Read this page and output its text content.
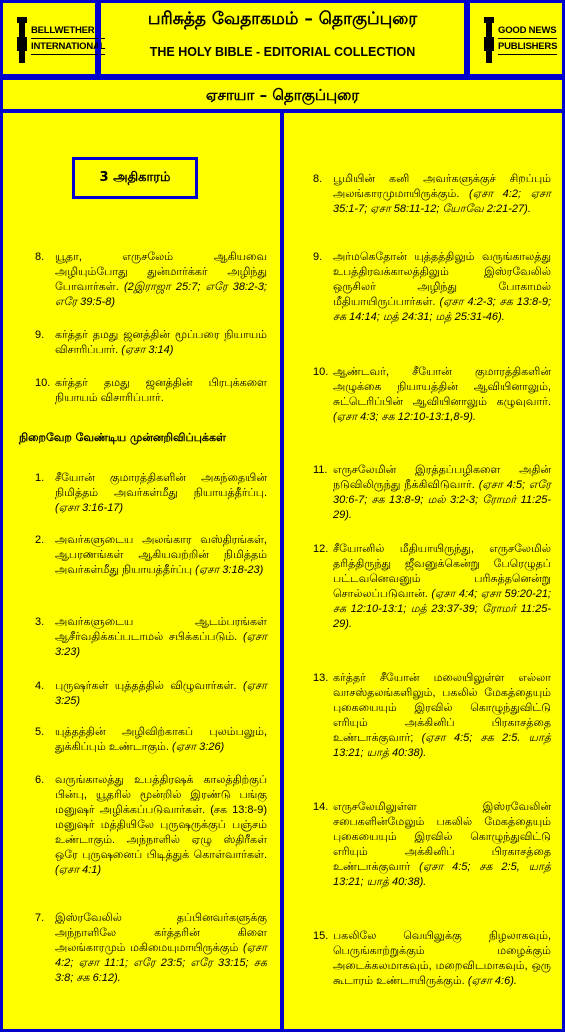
BELLWETHER
INTERNATIONAL
பரிசுத்த வேதாகமம் – தொகுப்புரை
THE HOLY BIBLE - EDITORIAL COLLECTION
GOOD NEWS
PUBLISHERS
ஏசாயா – தொகுப்புரை
3 அதிகாரம்
8. யூதா, எருசலேம் ஆகியவை அழியும்போது துன்மார்க்கர் அழிந்து போவார்கள். (2இராஜா 25:7; எரே 38:2-3; எரே 39:5-8)
9. கர்த்தர் தமது ஜனத்தின் மூப்பரை நியாயம் விசாரிப்பார். (ஏசா 3:14)
10. கர்த்தர் தமது ஜனத்தின் பிரபுக்களை நியாயம் விசாரிப்பார்.
நிறைவேற வேண்டிய முன்னறிவிப்புக்கள்
1. சீயோன் குமாரத்திகளின் அகந்தையின் நிமித்தம் அவர்கள்மீது நியாயத்தீர்ப்பு. (ஏசா 3:16-17)
2. அவர்களுடைய அலங்கார வஸ்திரங்கள், ஆபரணங்கள் ஆகியவற்றின் நிமித்தம் அவர்கள்மீது நியாயத்தீர்ப்பு (ஏசா 3:18-23)
3. அவர்களுடைய ஆடம்பரங்கள் ஆசீர்வதிக்கப்படாமல் சபிக்கப்படும். (ஏசா 3:23)
4. புருஷர்கள் யுத்தத்தில் விழுவார்கள். (ஏசா 3:25)
5. யுத்தத்தின் அழிவிற்காகப் புலம்பலும், துக்கிப்பும் உண்டாகும். (ஏசா 3:26)
6. வருங்காலத்து உபத்திரஷக் காலத்திற்குப் பின்பு, யூதரில் மூன்றில் இரண்டு பங்கு மனுஷர் அழிக்கப்படுவார்கள். (சக 13:8-9) மனுஷர் மத்தியிலே புருஷருக்குப் பஞ்சம் உண்டாகும். அந்நாளில் ஏழு ஸ்திரீகள் ஒரே புருஷனைப் பிடித்துக் கொள்வார்கள். (ஏசா 4:1)
7. இஸ்ரவேலில் தப்பினவர்களுக்கு அந்நாளிலே கர்த்தரின் கிளை அலங்காரமும் மகிமையுமாயிருக்கும் (ஏசா 4:2; ஏசா 11:1; எரே 23:5; எரே 33:15; சக 3:8; சக 6:12).
8. பூமியின் கனி அவர்களுக்குச் சிறப்பும் அலங்காரமுமாயிருக்கும். (ஏசா 4:2; ஏசா 35:1-7; ஏசா 58:11-12; யோவே 2:21-27).
9. அர்மகெதோன் யுத்தத்திலும் வருங்காலத்து உபத்திரவக்காலத்திலும் இஸ்ரவேலில் ஒருசிலர் அழிந்து போகாமல் மீதியாயிருப்பார்கள். (ஏசா 4:2-3; சக 13:8-9; சக 14:14; மத் 24:31; மத் 25:31-46).
10. ஆண்டவர், சீயோன் குமாரத்திகளின் அழுக்கை நியாயத்தின் ஆவியினாலும், சுட்டெரிப்பின் ஆவியினாலும் கழுவுவார். (ஏசா 4:3; சக 12:10-13:1,8-9).
11. எருசலேமின் இரத்தப்பழிகளை அதின் நடுவிலிருந்து நீக்கிவிடுவார். (ஏசா 4:5; எரே 30:6-7; சக 13:8-9; மல் 3:2-3; ரோமர் 11:25-29).
12. சீயோனில் மீதியாயிருந்து, எருசலேமில் தரித்திருந்து ஜீவனுக்கென்று பேரெழுதப் பட்டவனெவனும் பரிசுத்தனென்று சொல்லப்படுவான். (ஏசா 4:4; ஏசா 59:20-21; சக 12:10-13:1; மத் 23:37-39; ரோமர் 11:25-29).
13. கர்த்தர் சீயோன் மலையிலுள்ள எல்லா வாசஸ்தலங்களிலும், பகலில் மேகத்தையும் புகையையும் இரவில் கொழுந்துவிட்டு எரியும் அக்கினிப் பிரகாசத்தை உண்டாக்குவார்; (ஏசா 4:5; சக 2:5. யாத் 13:21; யாத் 40:38).
14. எருசலேமிலுள்ள இஸ்ரவேலின் சபைகளின்மேலும் பகலில் மேகத்தையும் புகையையும் இரவில் கொழுந்துவிட்டு எரியும் அக்கினிப் பிரகாசத்தை உண்டாக்குவார் (ஏசா 4:5; சக 2:5, யாத் 13:21; யாத் 40:38).
15. பகலிலே வெயிலுக்கு நிழலாகவும், பெருங்காற்றுக்கும் மழைக்கும் அடைக்கலமாகவும், மறைவிடமாகவும், ஒரு கூடாரம் உண்டாயிருக்கும். (ஏசா 4:6).
